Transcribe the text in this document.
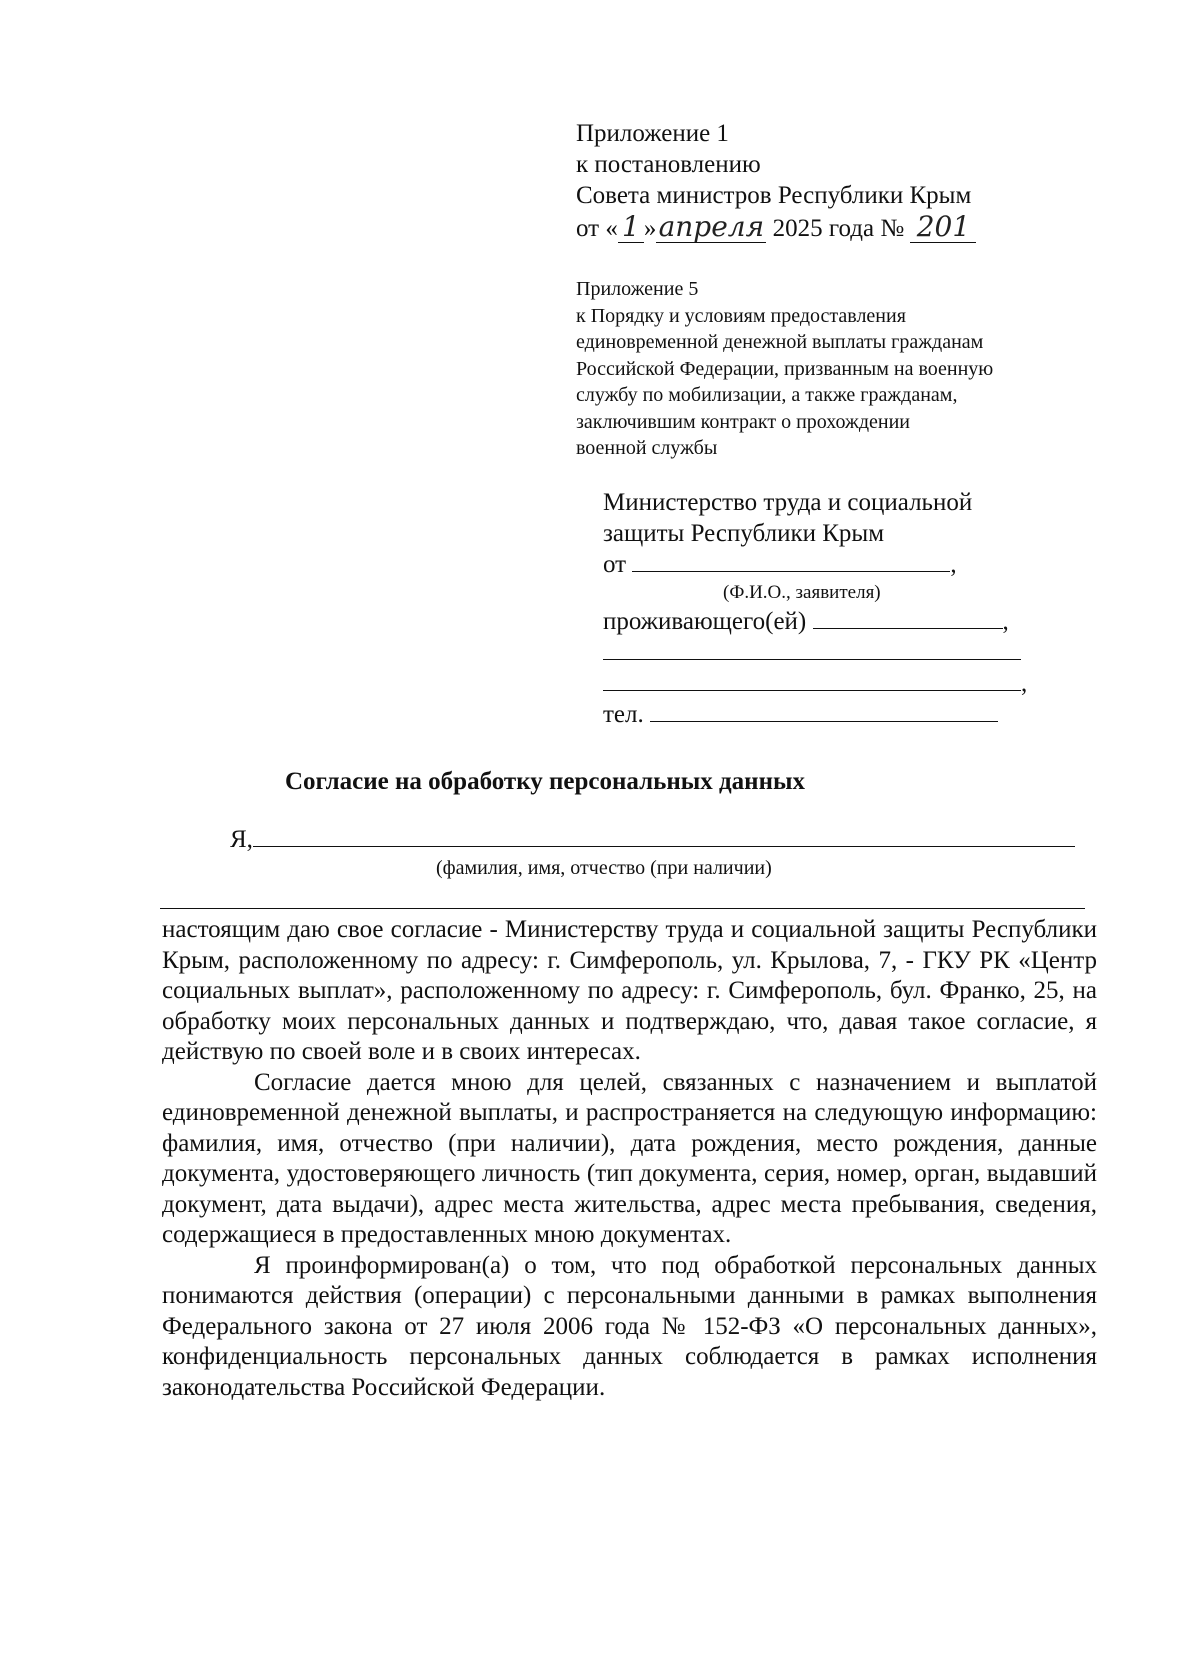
Приложение 1
к постановлению
Совета министров Республики Крым
от « 1 »апреля 2025 года № 201
Приложение 5
к Порядку и условиям предоставления
единовременной денежной выплаты гражданам
Российской Федерации, призванным на военную
службу по мобилизации, а также гражданам,
заключившим контракт о прохождении
военной службы
Министерство труда и социальной
защиты Республики Крым
от	,
(Ф.И.О., заявителя)
проживающего(ей)	,
,
тел.
Согласие на обработку персональных данных
Я,
(фамилия, имя, отчество (при наличии)

настоящим даю свое согласие - Министерству труда и социальной защиты Республики Крым, расположенному по адресу: г. Симферополь, ул. Крылова, 7, - ГКУ РК «Центр социальных выплат», расположенному по адресу: г. Симферополь, бул. Франко, 25, на обработку моих персональных данных и подтверждаю, что, давая такое согласие, я действую по своей воле и в своих интересах.

Согласие дается мною для целей, связанных с назначением и выплатой единовременной денежной выплаты, и распространяется на следующую информацию: фамилия, имя, отчество (при наличии), дата рождения, место рождения, данные документа, удостоверяющего личность (тип документа, серия, номер, орган, выдавший документ, дата выдачи), адрес места жительства, адрес места пребывания, сведения, содержащиеся в предоставленных мною документах.

Я проинформирован(а) о том, что под обработкой персональных данных понимаются действия (операции) с персональными данными в рамках выполнения Федерального закона от 27 июля 2006 года № 152-ФЗ «О персональных данных», конфиденциальность персональных данных соблюдается в рамках исполнения законодательства Российской Федерации.
